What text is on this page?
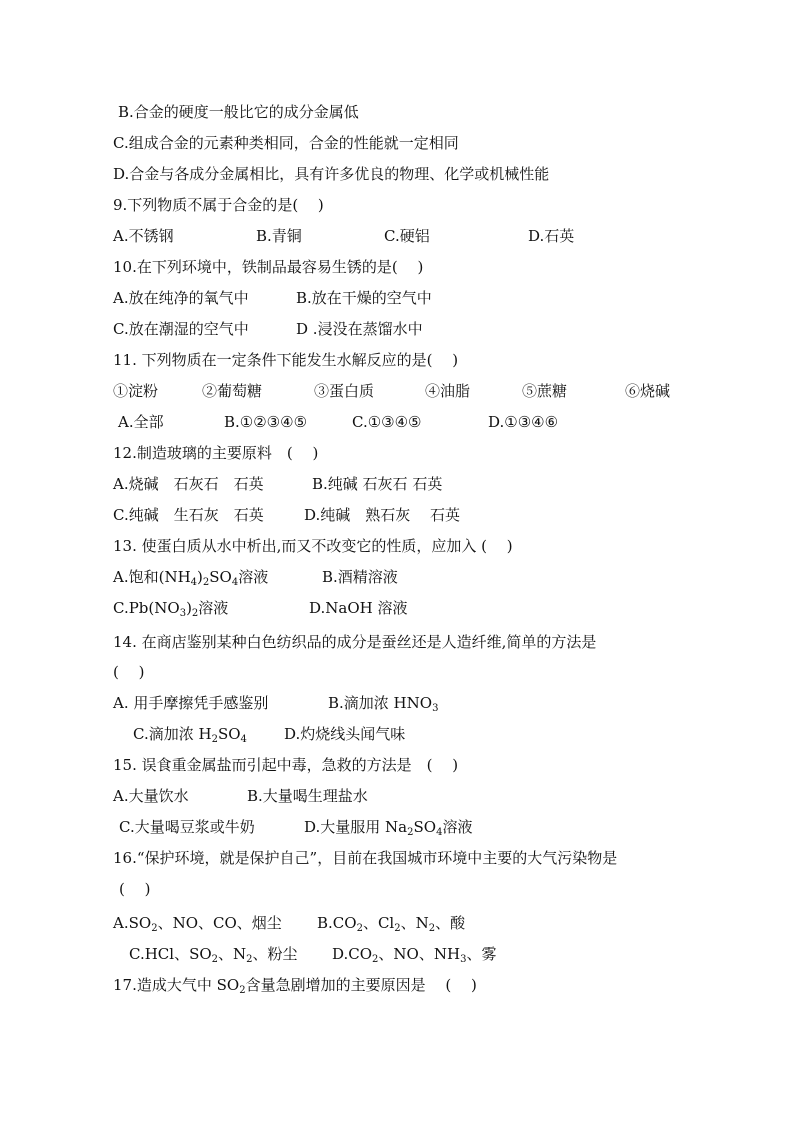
B.合金的硬度一般比它的成分金属低
C.组成合金的元素种类相同，合金的性能就一定相同
D.合金与各成分金属相比，具有许多优良的物理、化学或机械性能
9.下列物质不属于合金的是(　 )
A.不锈钢	B.青铜	C.硬铝	D.石英
10.在下列环境中，铁制品最容易生锈的是(　 )
A.放在纯净的氧气中	B.放在干燥的空气中
C.放在潮湿的空气中	D .浸没在蒸馏水中
11. 下列物质在一定条件下能发生水解反应的是(　 )
①淀粉	②葡萄糖	③蛋白质	④油脂	⑤蔗糖	⑥烧碱
A.全部	B.①②③④⑤	C.①③④⑤	D.①③④⑥
12.制造玻璃的主要原料　(　 )
A.烧碱　石灰石　石英	B.纯碱 石灰石 石英
C.纯碱　生石灰　石英	D.纯碱　熟石灰　 石英
13. 使蛋白质从水中析出,而又不改变它的性质，应加入 (　 )
A.饱和$(NH_4)_2SO_4$溶液	B.酒精溶液
$C.Pb(NO_3)_2$溶液	D.NaOH 溶液
14. 在商店鉴别某种白色纺织品的成分是蚕丝还是人造纤维,简单的方法是
(　 )
A. 用手摩擦凭手感鉴别	B.滴加浓 $HNO_3$
C.滴加浓 $H_2SO_4$ D.灼烧线头闻气味
15. 误食重金属盐而引起中毒，急救的方法是　(　 )
A.大量饮水	B.大量喝生理盐水
C.大量喝豆浆或牛奶	D.大量服用 $Na_2SO_4$溶液
16.“保护环境，就是保护自己”，目前在我国城市环境中主要的大气污染物是
(　 )
$A.SO_2$、NO、CO、烟尘 $B.CO_2$、$Cl_2$、$N_2$、酸
C.HCl、$SO_2$、$N_2$、粉尘 $D.CO_2$、NO、$NH_3$、雾
17.造成大气中 $SO_2$含量急剧增加的主要原因是　 (　 )
